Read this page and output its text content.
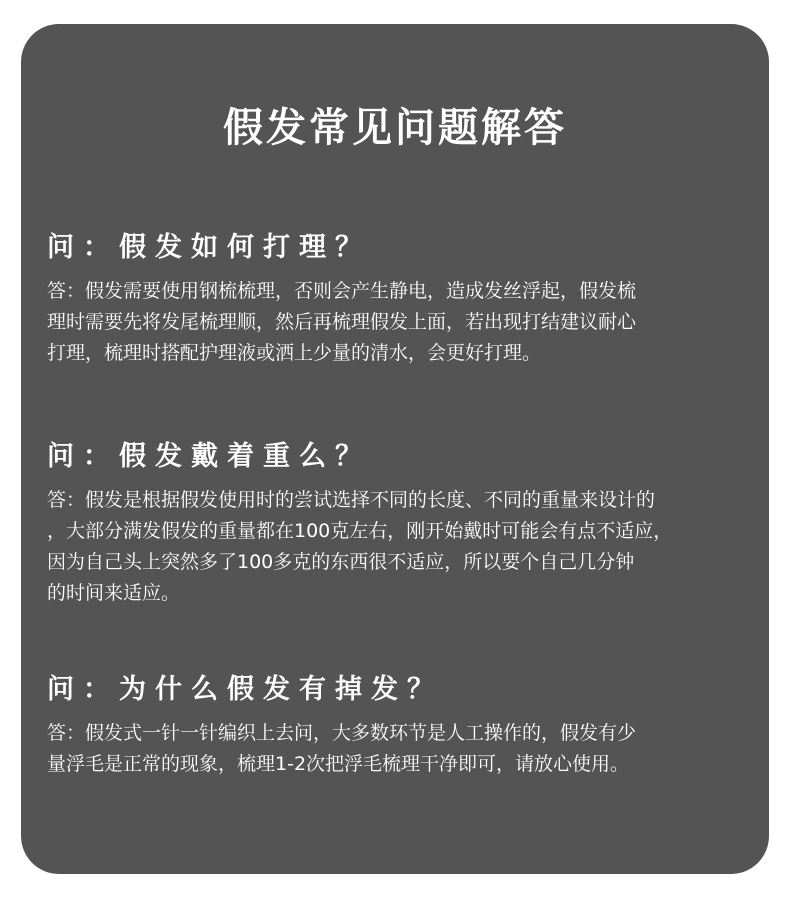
假发常见问题解答
问：假发如何打理？
答：假发需要使用钢梳梳理，否则会产生静电，造成发丝浮起，假发梳
理时需要先将发尾梳理顺，然后再梳理假发上面，若出现打结建议耐心
打理，梳理时搭配护理液或洒上少量的清水，会更好打理。
问：假发戴着重么？
答：假发是根据假发使用时的尝试选择不同的长度、不同的重量来设计的
，大部分满发假发的重量都在100克左右，刚开始戴时可能会有点不适应，
因为自己头上突然多了100多克的东西很不适应，所以要个自己几分钟
的时间来适应。
问：为什么假发有掉发？
答：假发式一针一针编织上去问，大多数环节是人工操作的，假发有少
量浮毛是正常的现象，梳理1-2次把浮毛梳理干净即可，请放心使用。
